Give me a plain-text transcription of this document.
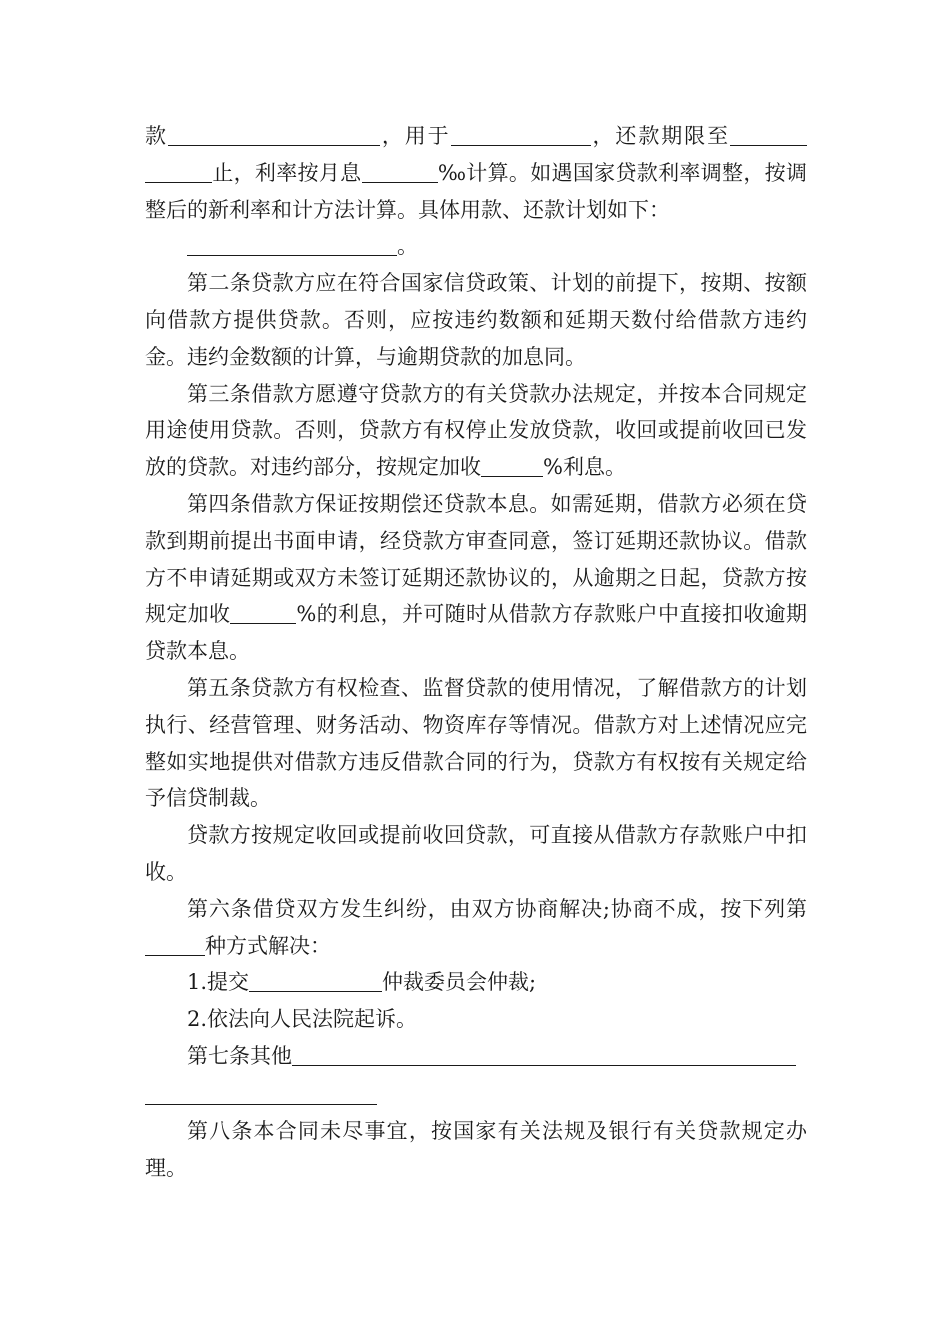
款	，用于	，还款期限至止，利率按月息	‰计算。如遇国家贷款利率调整，按调整后的新利率和计方法计算。具体用款、还款计划如下：

。

第二条贷款方应在符合国家信贷政策、计划的前提下，按期、按额向借款方提供贷款。否则，应按违约数额和延期天数付给借款方违约金。违约金数额的计算，与逾期贷款的加息同。

第三条借款方愿遵守贷款方的有关贷款办法规定，并按本合同规定用途使用贷款。否则，贷款方有权停止发放贷款，收回或提前收回已发放的贷款。对违约部分，按规定加收	%利息。

第四条借款方保证按期偿还贷款本息。如需延期，借款方必须在贷款到期前提出书面申请，经贷款方审查同意，签订延期还款协议。借款方不申请延期或双方未签订延期还款协议的，从逾期之日起，贷款方按规定加收	%的利息，并可随时从借款方存款账户中直接扣收逾期贷款本息。

第五条贷款方有权检查、监督贷款的使用情况，了解借款方的计划执行、经营管理、财务活动、物资库存等情况。借款方对上述情况应完整如实地提供对借款方违反借款合同的行为，贷款方有权按有关规定给予信贷制裁。

贷款方按规定收回或提前收回贷款，可直接从借款方存款账户中扣收。

第六条借贷双方发生纠纷，由双方协商解决;协商不成，按下列第种方式解决：

1.提交	仲裁委员会仲裁;

2.依法向人民法院起诉。

第七条其他

第八条本合同未尽事宜，按国家有关法规及银行有关贷款规定办理。
